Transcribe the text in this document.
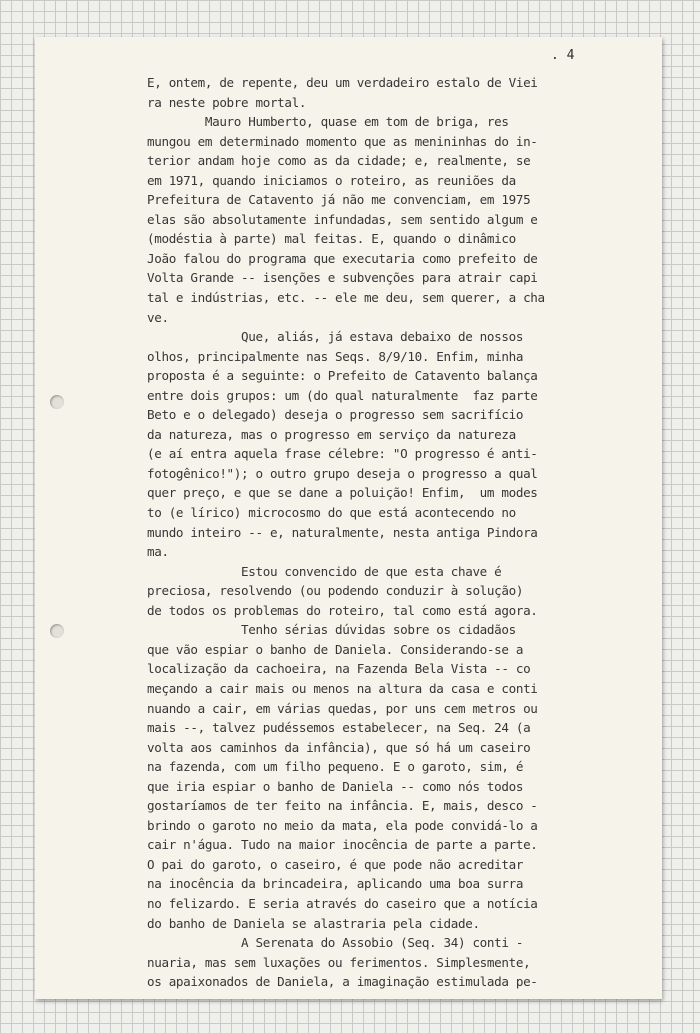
. 4
E, ontem, de repente, deu um verdadeiro estalo de Viei
ra neste pobre mortal.
Mauro Humberto, quase em tom de briga, res
mungou em determinado momento que as menininhas do in-
terior andam hoje como as da cidade; e, realmente, se
em 1971, quando iniciamos o roteiro, as reuniões da
Prefeitura de Catavento já não me convenciam, em 1975
elas são absolutamente infundadas, sem sentido algum e
(modéstia à parte) mal feitas. E, quando o dinâmico
João falou do programa que executaria como prefeito de
Volta Grande -- isenções e subvenções para atrair capi
tal e indústrias, etc. -- ele me deu, sem querer, a cha
ve.
Que, aliás, já estava debaixo de nossos
olhos, principalmente nas Seqs. 8/9/10. Enfim, minha
proposta é a seguinte: o Prefeito de Catavento balança
entre dois grupos: um (do qual naturalmente  faz parte
Beto e o delegado) deseja o progresso sem sacrifício
da natureza, mas o progresso em serviço da natureza
(e aí entra aquela frase célebre: "O progresso é anti-
fotogênico!"); o outro grupo deseja o progresso a qual
quer preço, e que se dane a poluição! Enfim,  um modes
to (e lírico) microcosmo do que está acontecendo no
mundo inteiro -- e, naturalmente, nesta antiga Pindora
ma.
Estou convencido de que esta chave é
preciosa, resolvendo (ou podendo conduzir à solução)
de todos os problemas do roteiro, tal como está agora.
Tenho sérias dúvidas sobre os cidadãos
que vão espiar o banho de Daniela. Considerando-se a
localização da cachoeira, na Fazenda Bela Vista -- co
meçando a cair mais ou menos na altura da casa e conti
nuando a cair, em várias quedas, por uns cem metros ou
mais --, talvez pudéssemos estabelecer, na Seq. 24 (a
volta aos caminhos da infância), que só há um caseiro
na fazenda, com um filho pequeno. E o garoto, sim, é
que iria espiar o banho de Daniela -- como nós todos
gostaríamos de ter feito na infância. E, mais, desco -
brindo o garoto no meio da mata, ela pode convidá-lo a
cair n'água. Tudo na maior inocência de parte a parte.
O pai do garoto, o caseiro, é que pode não acreditar
na inocência da brincadeira, aplicando uma boa surra
no felizardo. E seria através do caseiro que a notícia
do banho de Daniela se alastraria pela cidade.
A Serenata do Assobio (Seq. 34) conti -
nuaria, mas sem luxações ou ferimentos. Simplesmente,
os apaixonados de Daniela, a imaginação estimulada pe-
